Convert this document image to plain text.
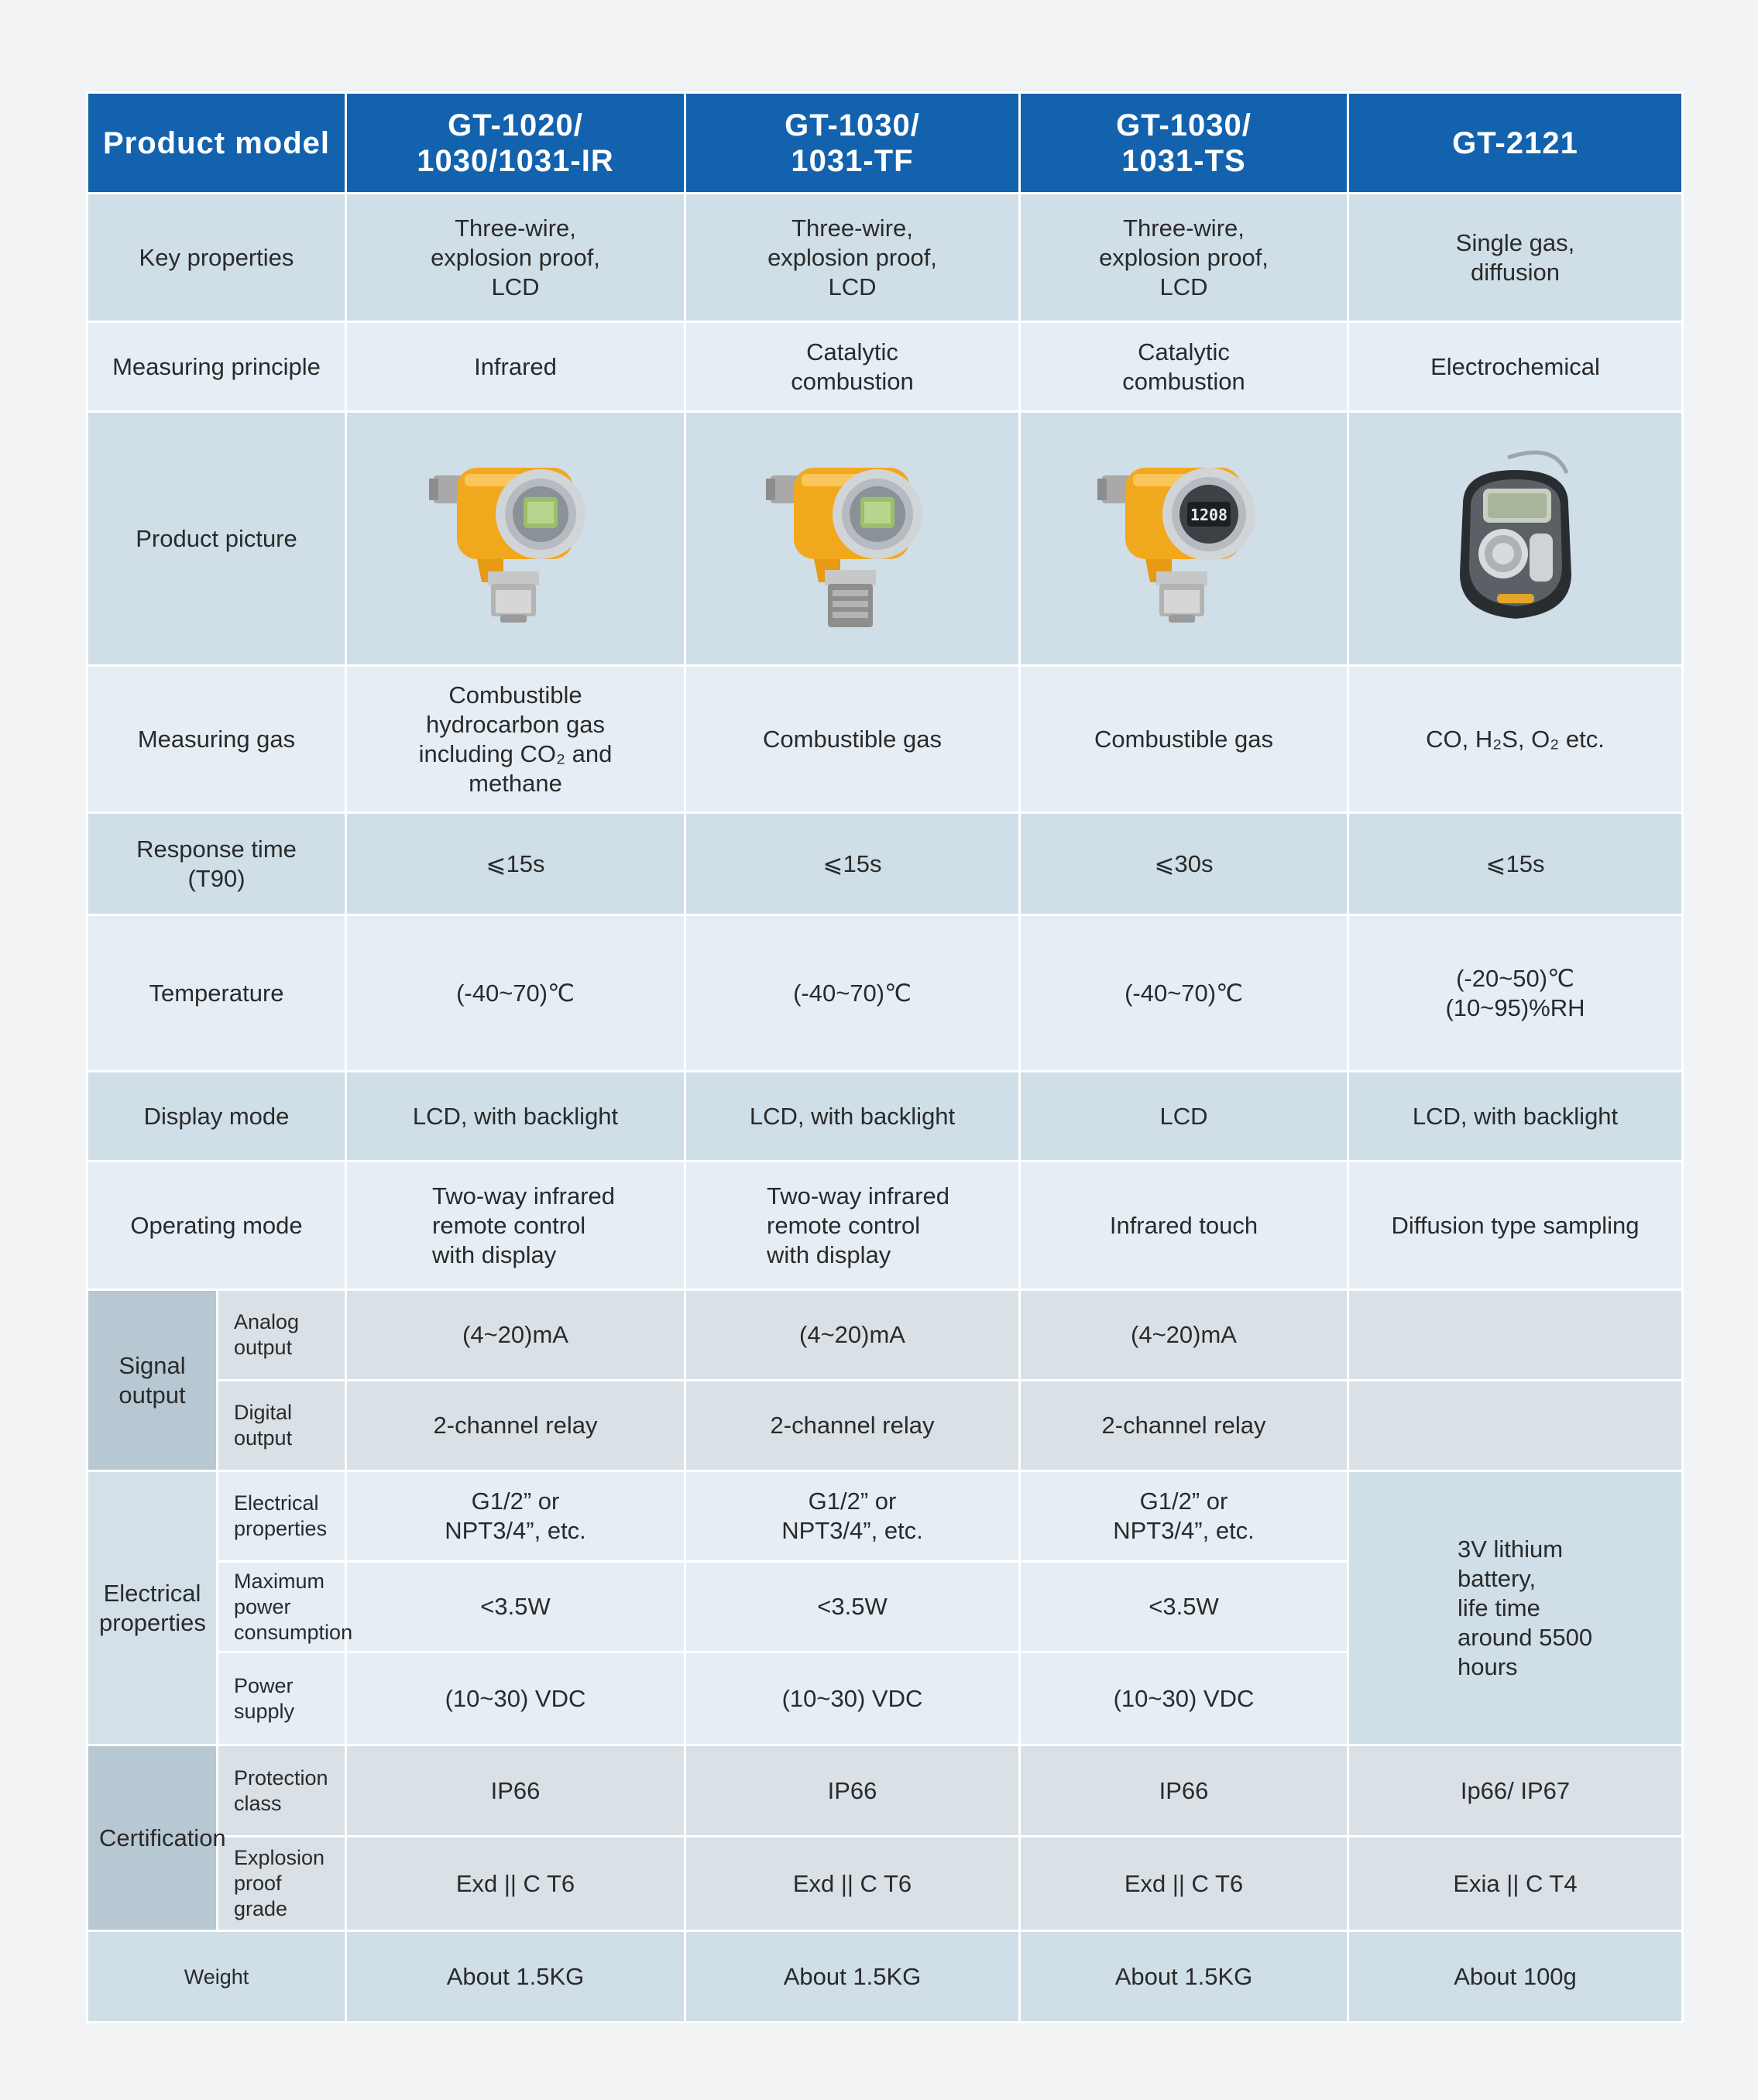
Product model		GT-1020/
1030/1031-IR	GT-1030/
1031-TF	GT-1030/
1031-TS	GT-2121
Key properties		Three-wire,
explosion proof,
LCD	Three-wire,
explosion proof,
LCD	Three-wire,
explosion proof,
LCD	Single gas,
diffusion
Measuring principle		Infrared	Catalytic
combustion	Catalytic
combustion	Electrochemical
Product picture				1208

Measuring gas		Combustible
hydrocarbon gas
including CO₂ and
methane	Combustible gas	Combustible gas	CO, H₂S, O₂ etc.
Response time
(T90)		⩽15s	⩽15s	⩽30s	⩽15s
Temperature		(-40~70)℃	(-40~70)℃	(-40~70)℃	(-20~50)℃
(10~95)%RH
Display mode		LCD, with backlight	LCD, with backlight	LCD	LCD, with backlight
Operating mode		Two-way infrared
remote control
with display	Two-way infrared
remote control
with display	Infrared touch	Diffusion type sampling
Signal
output	Analog
output	(4~20)mA	(4~20)mA	(4~20)mA	
	Digital
output	2-channel relay	2-channel relay	2-channel relay	
Electrical
properties	Electrical
properties	G1/2” or
NPT3/4”, etc.	G1/2” or
NPT3/4”, etc.	G1/2” or
NPT3/4”, etc.	3V lithium
battery,
life time
around 5500
hours
	Maximum
power
consumption	<3.5W	<3.5W	<3.5W	
	Power
supply	(10~30) VDC	(10~30) VDC	(10~30) VDC	
Certification	Protection
class	IP66	IP66	IP66	Ip66/ IP67
	Explosion
proof grade	Exd || C T6	Exd || C T6	Exd || C T6	Exia || C T4
Weight		About 1.5KG	About 1.5KG	About 1.5KG	About 100g
